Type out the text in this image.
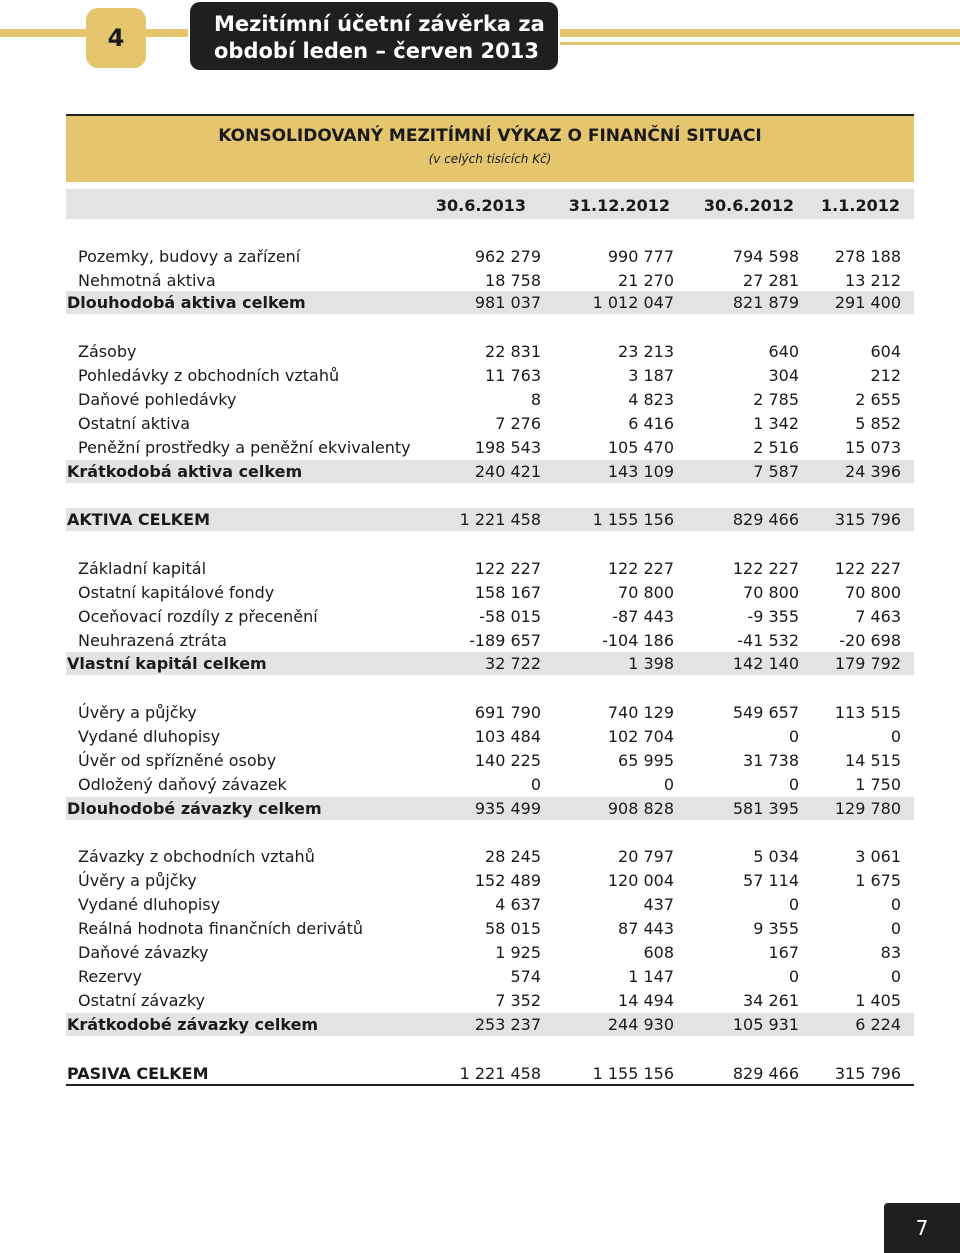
4	Mezitímní účetní závěrka za
období leden – červen 2013
KONSOLIDOVANÝ MEZITÍMNÍ VÝKAZ O FINANČNÍ SITUACI
(v celých tisících Kč)
30.6.2013	31.12.2012	30.6.2012	1.1.2012
Pozemky, budovy a zařízení	962 279	990 777	794 598	278 188
Nehmotná aktiva	18 758	21 270	27 281	13 212
Dlouhodobá aktiva celkem	981 037	1 012 047	821 879	291 400
Zásoby	22 831	23 213	640	604
Pohledávky z obchodních vztahů	11 763	3 187	304	212
Daňové pohledávky	8	4 823	2 785	2 655
Ostatní aktiva	7 276	6 416	1 342	5 852
Peněžní prostředky a peněžní ekvivalenty	198 543	105 470	2 516	15 073
Krátkodobá aktiva celkem	240 421	143 109	7 587	24 396
AKTIVA CELKEM	1 221 458	1 155 156	829 466	315 796
Základní kapitál	122 227	122 227	122 227	122 227
Ostatní kapitálové fondy	158 167	70 800	70 800	70 800
Oceňovací rozdíly z přecenění	-58 015	-87 443	-9 355	7 463
Neuhrazená ztráta	-189 657	-104 186	-41 532	-20 698
Vlastní kapitál celkem	32 722	1 398	142 140	179 792
Úvěry a půjčky	691 790	740 129	549 657	113 515
Vydané dluhopisy	103 484	102 704	0	0
Úvěr od spřízněné osoby	140 225	65 995	31 738	14 515
Odložený daňový závazek	0	0	0	1 750
Dlouhodobé závazky celkem	935 499	908 828	581 395	129 780
Závazky z obchodních vztahů	28 245	20 797	5 034	3 061
Úvěry a půjčky	152 489	120 004	57 114	1 675
Vydané dluhopisy	4 637	437	0	0
Reálná hodnota finančních derivátů	58 015	87 443	9 355	0
Daňové závazky	1 925	608	167	83
Rezervy	574	1 147	0	0
Ostatní závazky	7 352	14 494	34 261	1 405
Krátkodobé závazky celkem	253 237	244 930	105 931	6 224
PASIVA CELKEM	1 221 458	1 155 156	829 466	315 796
7
